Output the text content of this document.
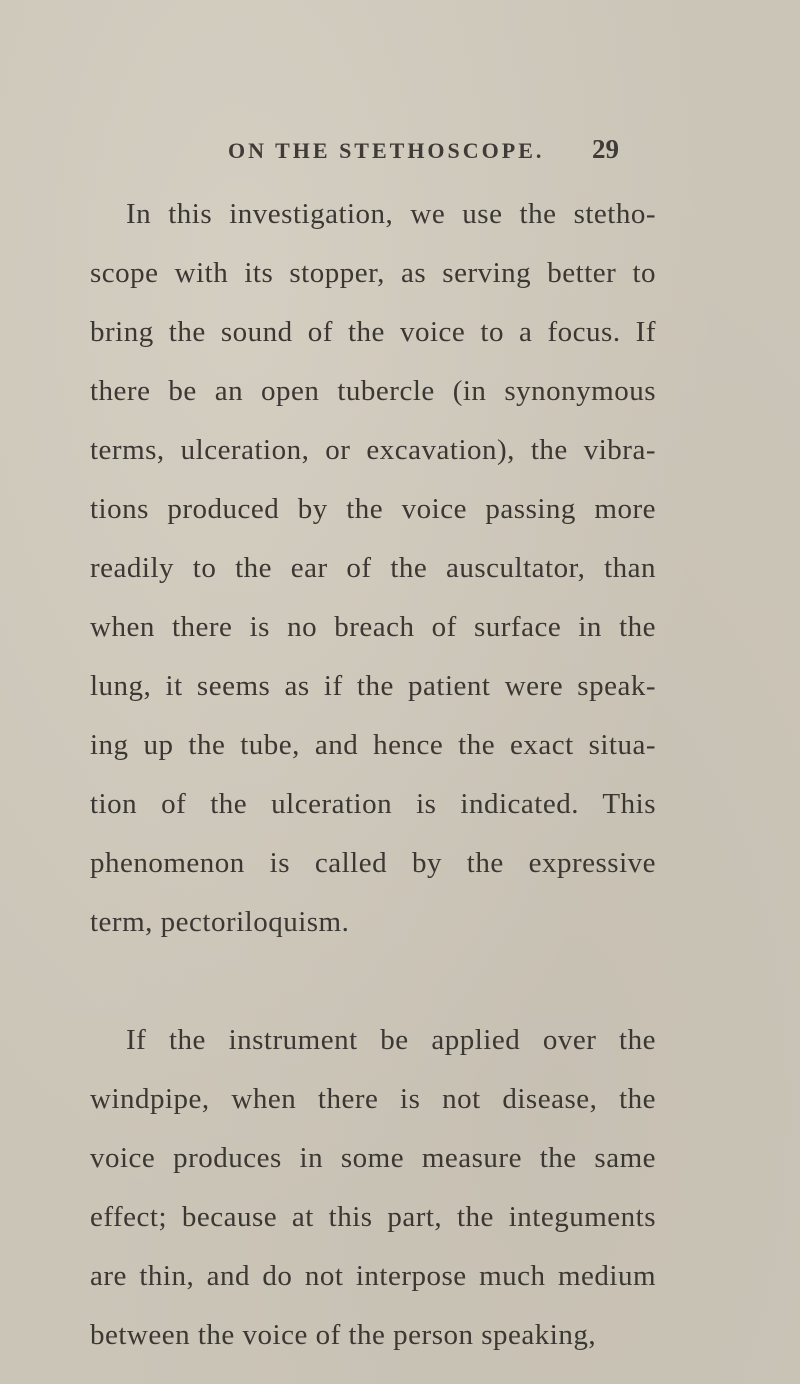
ON THE STETHOSCOPE. 29
In this investigation, we use the stetho-
scope with its stopper, as serving better to
bring the sound of the voice to a focus. If
there be an open tubercle (in synonymous
terms, ulceration, or excavation), the vibra-
tions produced by the voice passing more
readily to the ear of the auscultator, than
when there is no breach of surface in the
lung, it seems as if the patient were speak-
ing up the tube, and hence the exact situa-
tion of the ulceration is indicated. This
phenomenon is called by the expressive
term, pectoriloquism.
If the instrument be applied over the
windpipe, when there is not disease, the
voice produces in some measure the same
effect; because at this part, the integuments
are thin, and do not interpose much medium
between the voice of the person speaking,
